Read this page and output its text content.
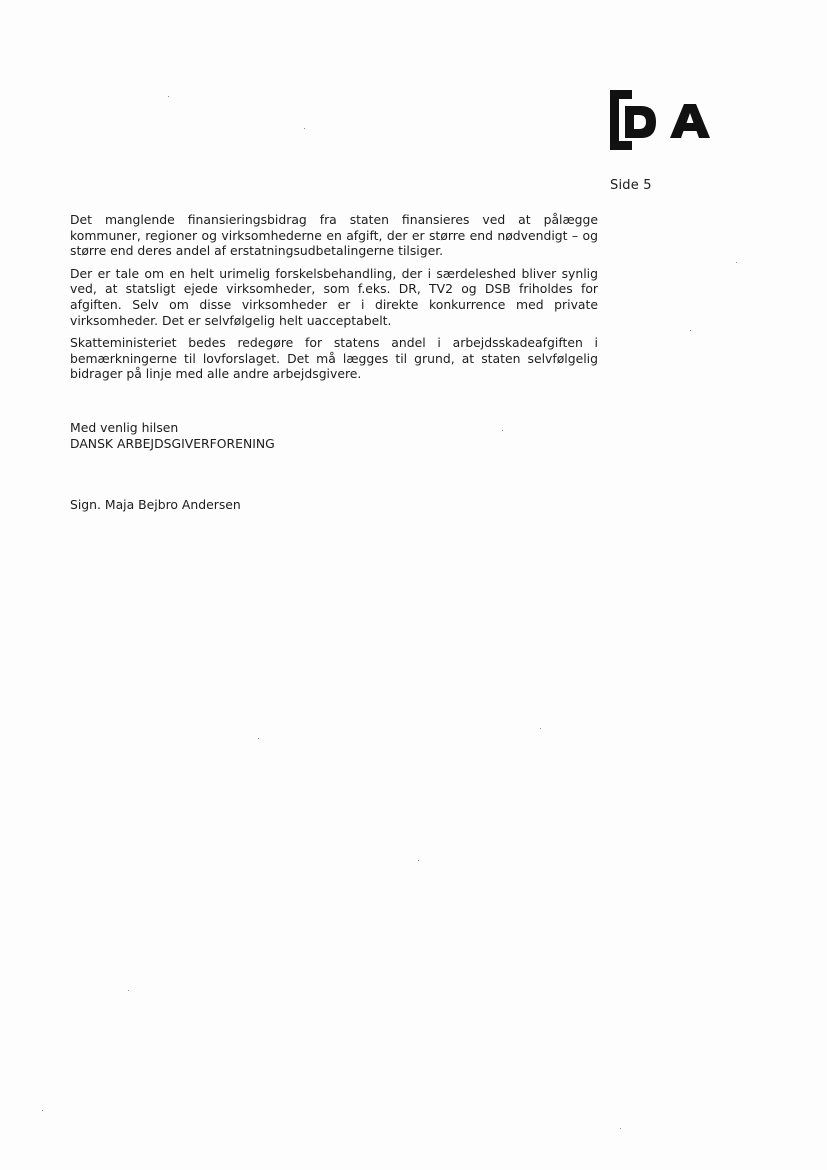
Side 5

Det manglende finansieringsbidrag fra staten finansieres ved at pålægge kommuner, regioner og virksomhederne en afgift, der er større end nødvendigt – og større end deres andel af erstatningsudbetalingerne tilsiger.

Der er tale om en helt urimelig forskelsbehandling, der i særdeleshed bliver synlig ved, at statsligt ejede virksomheder, som f.eks. DR, TV2 og DSB friholdes for afgiften. Selv om disse virksomheder er i direkte konkurrence med private virksomheder. Det er selvfølgelig helt uacceptabelt.

Skatteministeriet bedes redegøre for statens andel i arbejdsskadeafgiften i bemærkningerne til lovforslaget. Det må lægges til grund, at staten selvfølgelig bidrager på linje med alle andre arbejdsgivere.

Med venlig hilsen
DANSK ARBEJDSGIVERFORENING
Sign. Maja Bejbro Andersen
